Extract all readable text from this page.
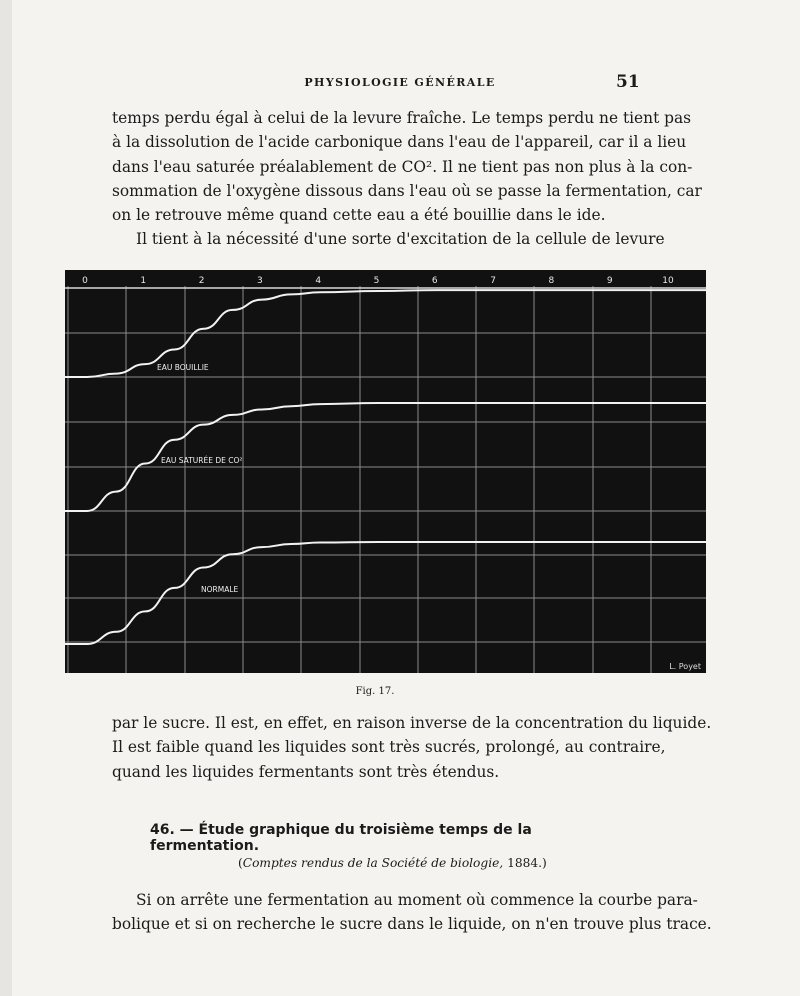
PHYSIOLOGIE GÉNÉRALE	51

temps perdu égal à celui de la levure fraîche. Le temps perdu ne tient pas
à la dissolution de l'acide carbonique dans l'eau de l'appareil, car il a lieu
dans l'eau saturée préalablement de CO². Il ne tient pas non plus à la con-
sommation de l'oxygène dissous dans l'eau où se passe la fermentation, car
on le retrouve même quand cette eau a été bouillie dans le ide.
Il tient à la nécessité d'une sorte d'excitation de la cellule de levure

0	1	2	3	4	5	6	7	8	9	10
EAU BOUILLIE
EAU SATURÉE DE CO²
NORMALE
L. Poyet
Fig. 17.

par le sucre. Il est, en effet, en raison inverse de la concentration du liquide.
Il est faible quand les liquides sont très sucrés, prolongé, au contraire,
quand les liquides fermentants sont très étendus.

46. — Étude graphique du troisième temps de la fermentation.
(Comptes rendus de la Société de biologie, 1884.)

Si on arrête une fermentation au moment où commence la courbe para-
bolique et si on recherche le sucre dans le liquide, on n'en trouve plus trace.
